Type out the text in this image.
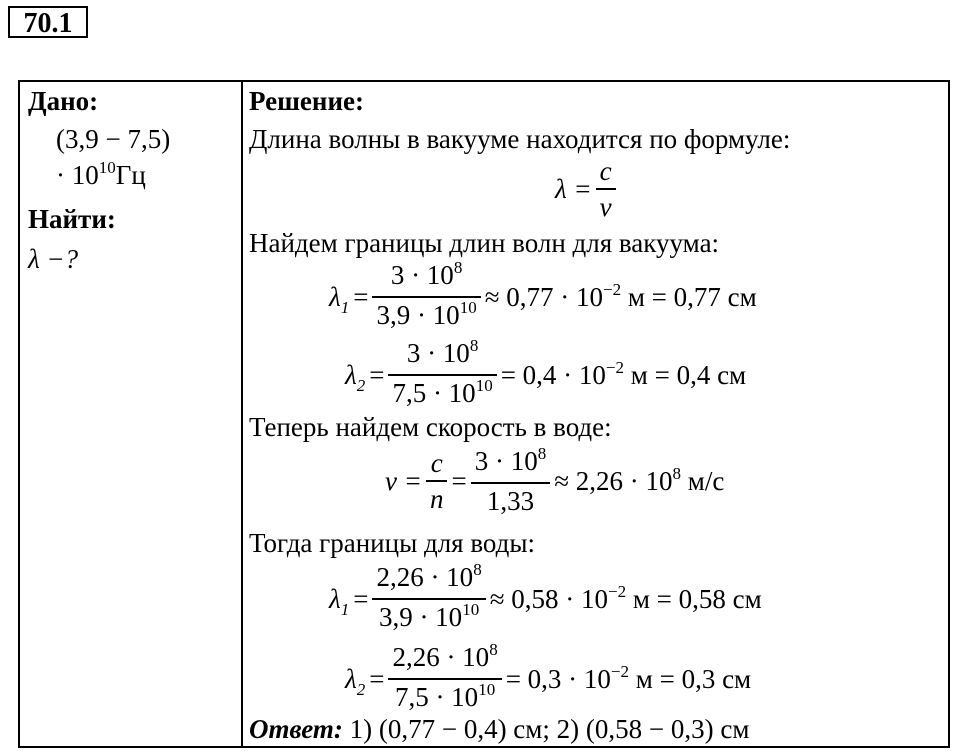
70.1
Дано:
(3,9 − 7,5)
· $10^{10}Гц$
Найти:
λ −?
Решение:
Длина волны в вакууме находится по формуле:
$\lambda = \frac{c}{\nu}$
Найдем границы длин волн для вакуума:
$\lambda_1 = \frac{3 \cdot 10^8}{3,9 \cdot 10^{10}} \approx 0,77 \cdot 10^{-2}$ м = 0,77 см
$\lambda_2 = \frac{3 \cdot 10^8}{7,5 \cdot 10^{10}} = 0,4 \cdot 10^{-2}$ м = 0,4 см
Теперь найдем скорость в воде:
$v = \frac{c}{n} = \frac{3 \cdot 10^8}{1,33} \approx 2,26 \cdot 10^8$ м/с
Тогда границы для воды:
$\lambda_1 = \frac{2,26 \cdot 10^8}{3,9 \cdot 10^{10}} \approx 0,58 \cdot 10^{-2}$ м = 0,58 см
$\lambda_2 = \frac{2,26 \cdot 10^8}{7,5 \cdot 10^{10}} = 0,3 \cdot 10^{-2}$ м = 0,3 см
Ответ: 1) (0,77 − 0,4) см; 2) (0,58 − 0,3) см
